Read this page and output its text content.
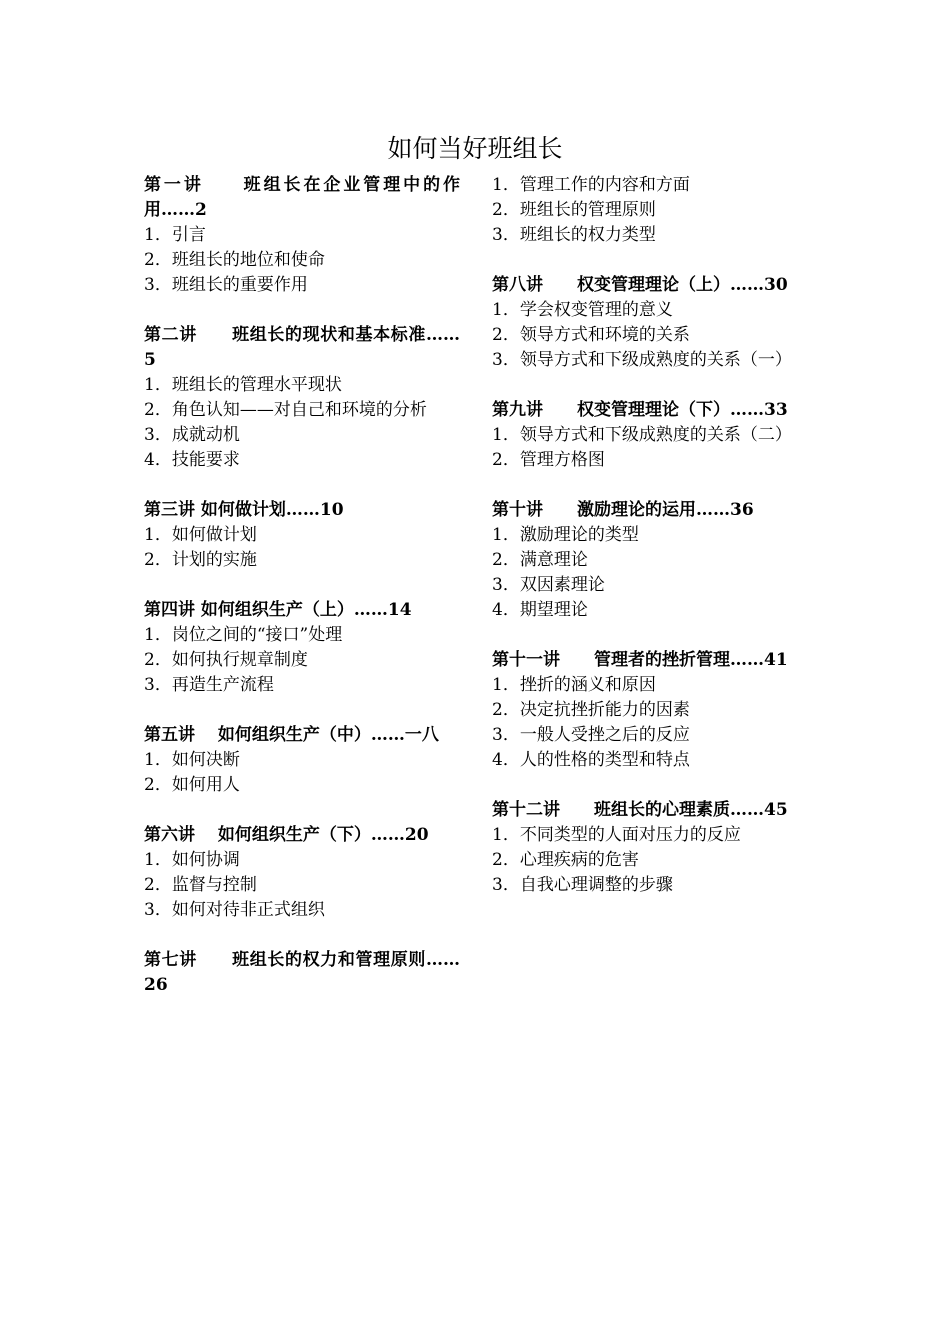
如何当好班组长

第一讲　　班组长在企业管理中的作用……2

1．引言
2．班组长的地位和使命
3．班组长的重要作用

第二讲　　班组长的现状和基本标准……5

1．班组长的管理水平现状
2．角色认知——对自己和环境的分析
3．成就动机
4．技能要求

第三讲 如何做计划……10

1．如何做计划
2．计划的实施

第四讲 如何组织生产（上）……14

1．岗位之间的“接口”处理
2．如何执行规章制度
3．再造生产流程

第五讲　 如何组织生产（中）……一八

1．如何决断
2．如何用人

第六讲　 如何组织生产（下）……20

1．如何协调
2．监督与控制
3．如何对待非正式组织

第七讲　　班组长的权力和管理原则……26

1．管理工作的内容和方面
2．班组长的管理原则
3．班组长的权力类型

第八讲　　权变管理理论（上）……30

1．学会权变管理的意义
2．领导方式和环境的关系
3．领导方式和下级成熟度的关系（一）

第九讲　　权变管理理论（下）……33

1．领导方式和下级成熟度的关系（二）
2．管理方格图

第十讲　　激励理论的运用……36

1．激励理论的类型
2．满意理论
3．双因素理论
4．期望理论

第十一讲　　管理者的挫折管理……41

1．挫折的涵义和原因
2．决定抗挫折能力的因素
3．一般人受挫之后的反应
4．人的性格的类型和特点

第十二讲　　班组长的心理素质……45

1．不同类型的人面对压力的反应
2．心理疾病的危害
3．自我心理调整的步骤
